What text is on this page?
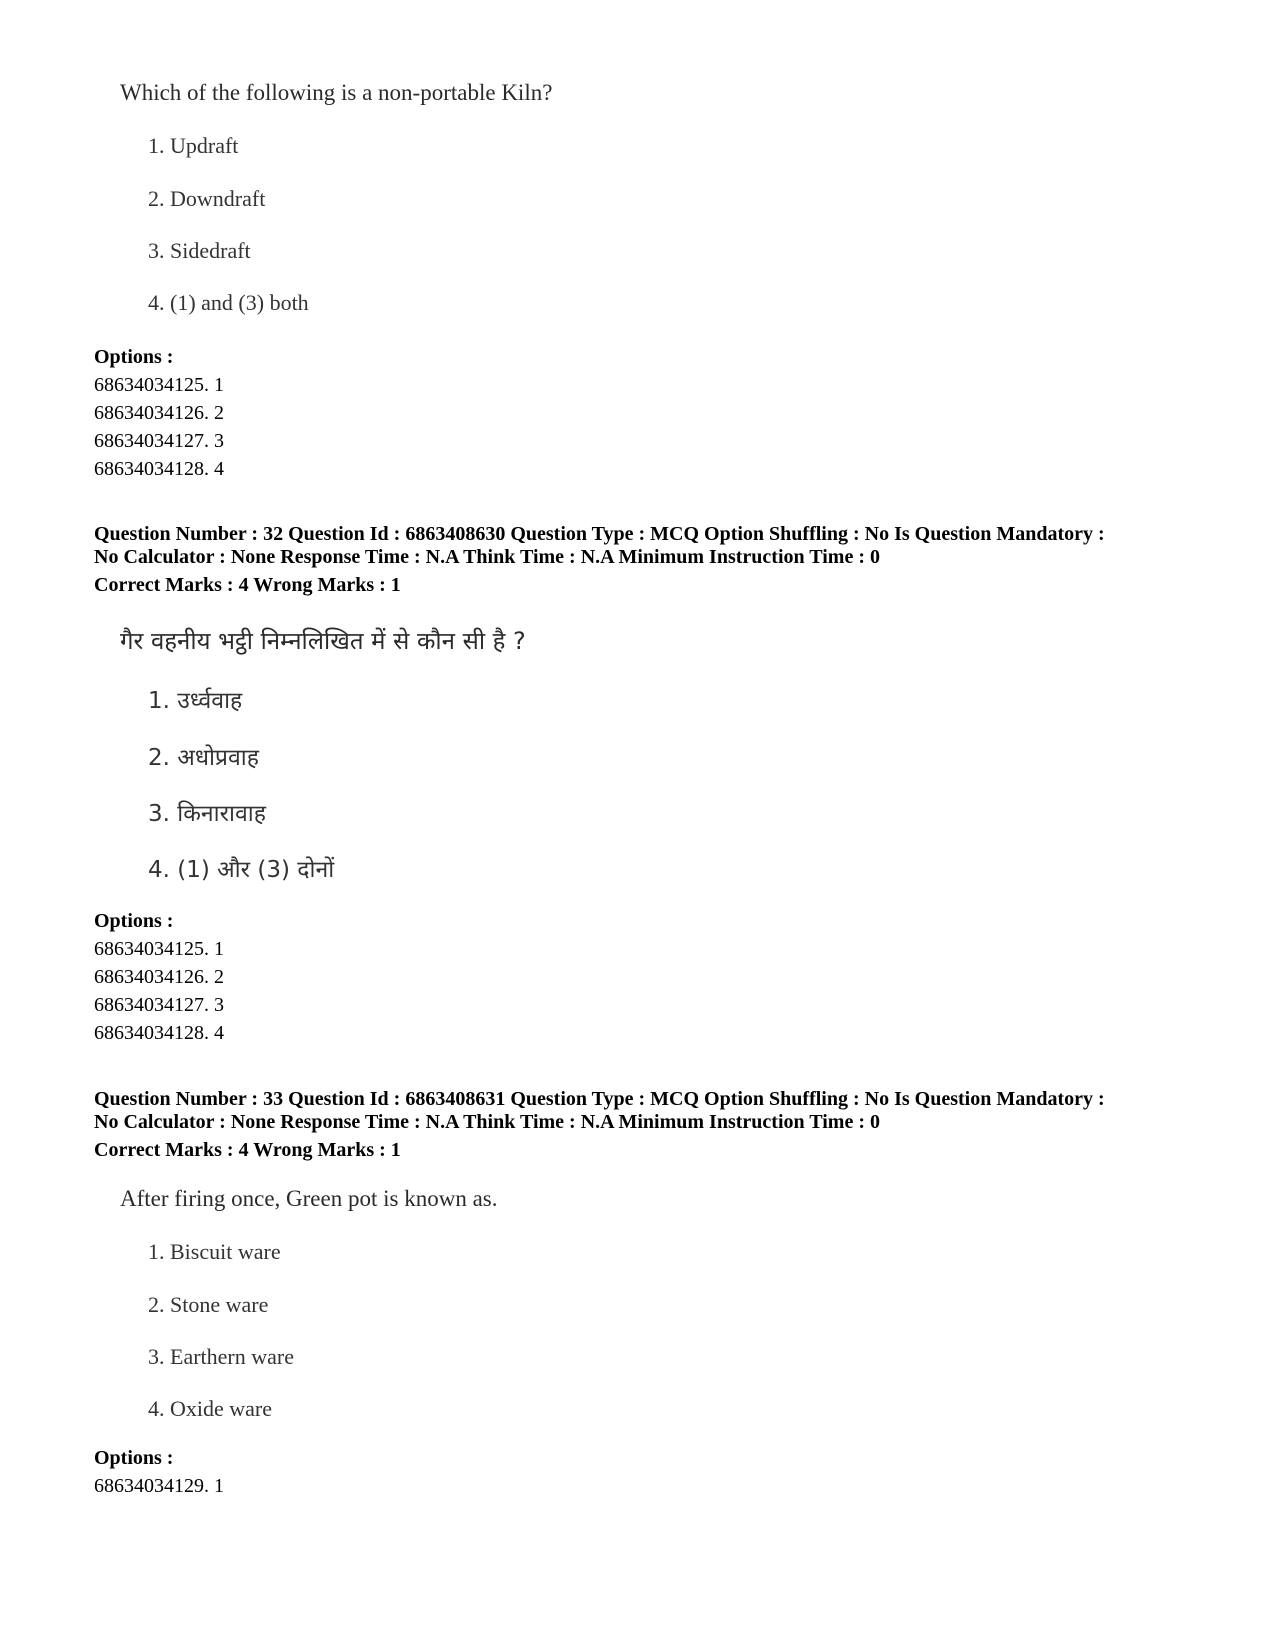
Which of the following is a non-portable Kiln?
1. Updraft
2. Downdraft
3. Sidedraft
4. (1) and (3) both
Options :
68634034125. 1
68634034126. 2
68634034127. 3
68634034128. 4
Question Number : 32 Question Id : 6863408630 Question Type : MCQ Option Shuffling : No Is Question Mandatory :
No Calculator : None Response Time : N.A Think Time : N.A Minimum Instruction Time : 0
Correct Marks : 4 Wrong Marks : 1
गैर वहनीय भट्ठी निम्नलिखित में से कौन सी है ?
1. उर्ध्ववाह
2. अधोप्रवाह
3. किनारावाह
4. (1) और (3) दोनों
Options :
68634034125. 1
68634034126. 2
68634034127. 3
68634034128. 4
Question Number : 33 Question Id : 6863408631 Question Type : MCQ Option Shuffling : No Is Question Mandatory :
No Calculator : None Response Time : N.A Think Time : N.A Minimum Instruction Time : 0
Correct Marks : 4 Wrong Marks : 1
After firing once, Green pot is known as.
1. Biscuit ware
2. Stone ware
3. Earthern ware
4. Oxide ware
Options :
68634034129. 1
